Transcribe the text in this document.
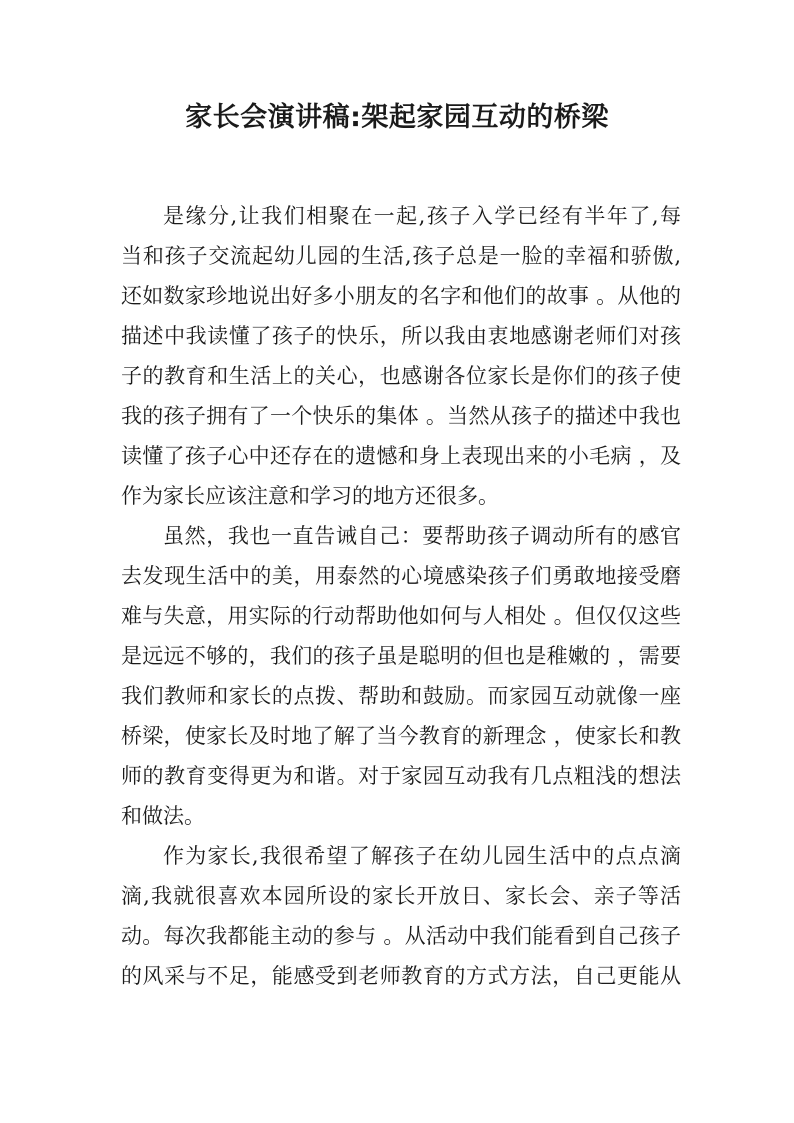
家长会演讲稿:架起家园互动的桥梁
是缘分,让我们相聚在一起,孩子入学已经有半年了,每
当和孩子交流起幼儿园的生活,孩子总是一脸的幸福和骄傲,
还如数家珍地说出好多小朋友的名字和他们的故事 。从他的
描述中我读懂了孩子的快乐，所以我由衷地感谢老师们对孩
子的教育和生活上的关心，也感谢各位家长是你们的孩子使
我的孩子拥有了一个快乐的集体 。当然从孩子的描述中我也
读懂了孩子心中还存在的遗憾和身上表现出来的小毛病 ，及
作为家长应该注意和学习的地方还很多。
虽然，我也一直告诫自己：要帮助孩子调动所有的感官
去发现生活中的美，用泰然的心境感染孩子们勇敢地接受磨
难与失意，用实际的行动帮助他如何与人相处 。但仅仅这些
是远远不够的，我们的孩子虽是聪明的但也是稚嫩的 ，需要
我们教师和家长的点拨、帮助和鼓励。而家园互动就像一座
桥梁，使家长及时地了解了当今教育的新理念 ，使家长和教
师的教育变得更为和谐。对于家园互动我有几点粗浅的想法
和做法。
作为家长,我很希望了解孩子在幼儿园生活中的点点滴
滴,我就很喜欢本园所设的家长开放日、家长会、亲子等活
动。每次我都能主动的参与 。从活动中我们能看到自己孩子
的风采与不足，能感受到老师教育的方式方法，自己更能从
